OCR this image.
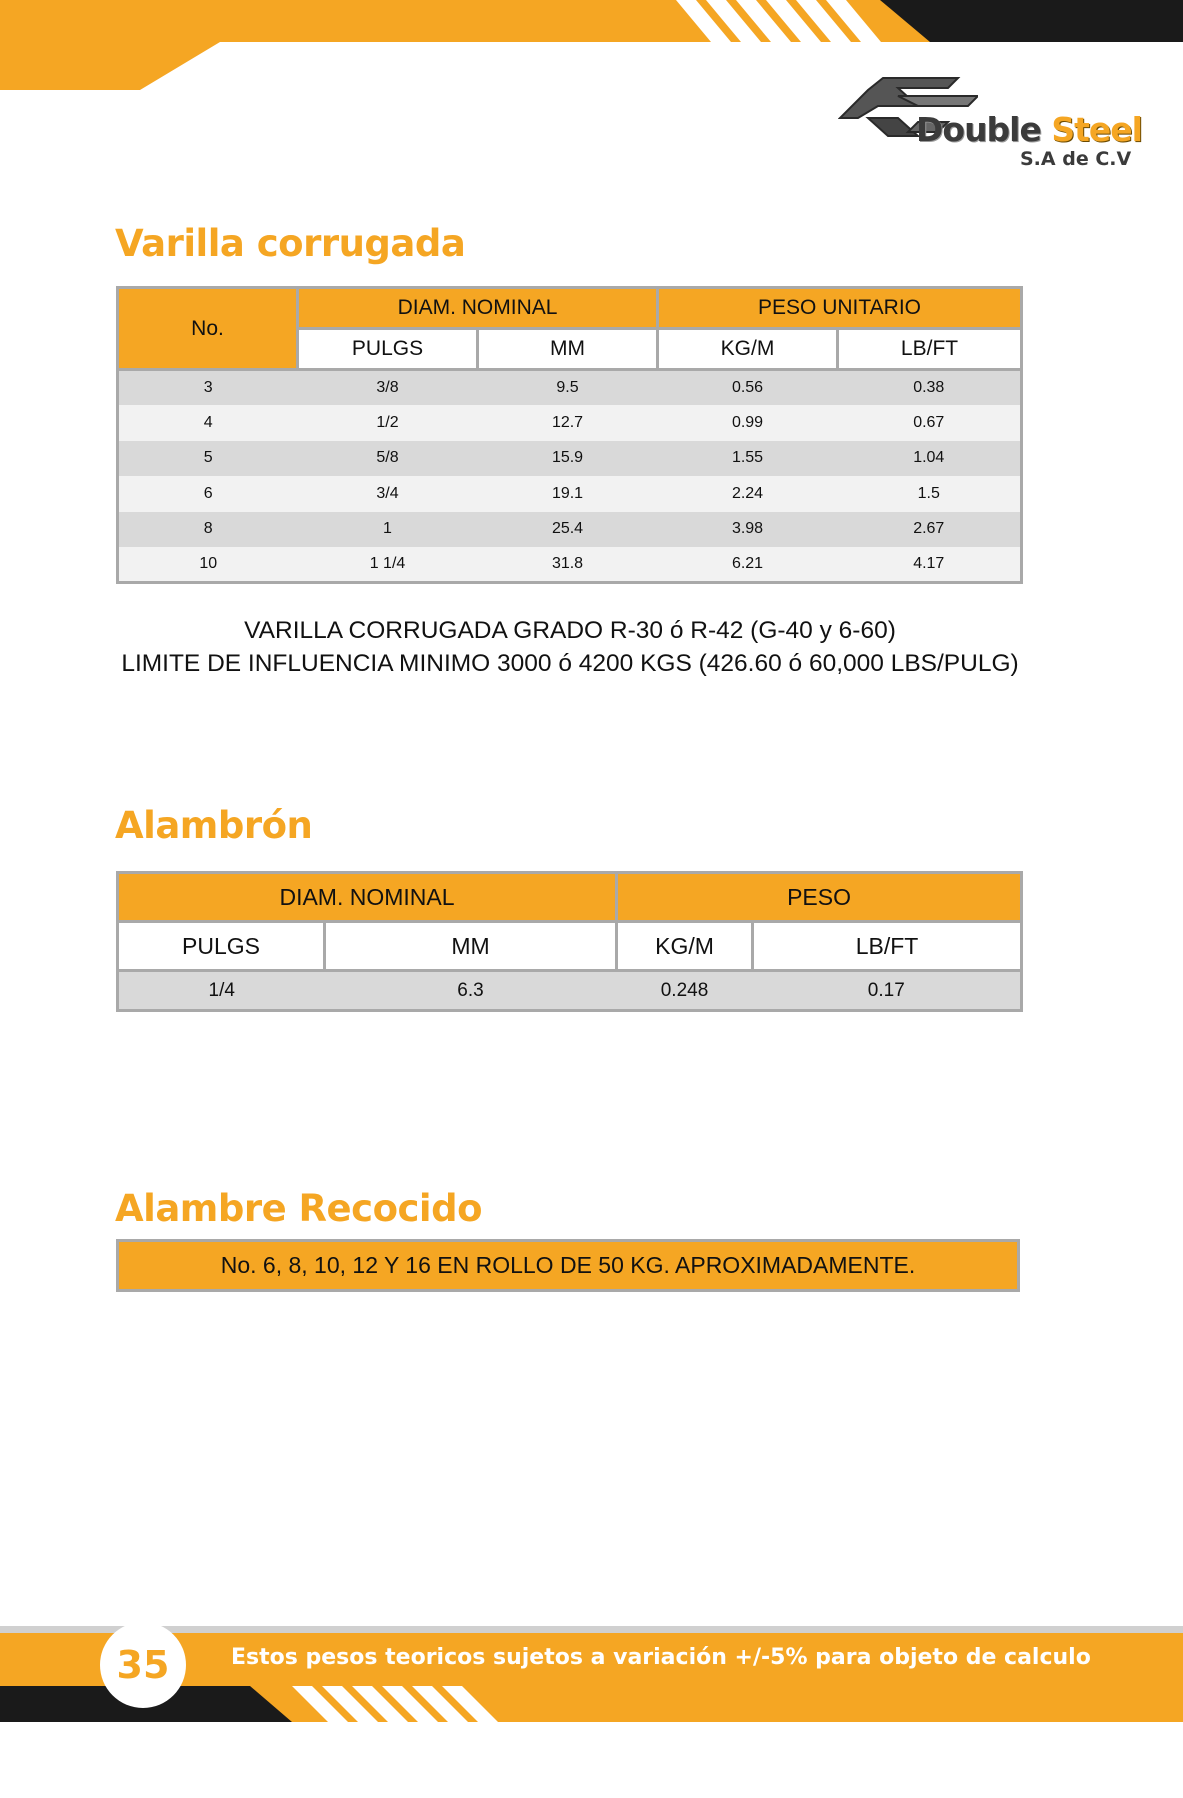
Double Steel
S.A de C.V
Varilla corrugada
No.	DIAM. NOMINAL		PESO UNITARIO	
	PULGS	MM	KG/M	LB/FT
3	3/8	9.5	0.56	0.38
4	1/2	12.7	0.99	0.67
5	5/8	15.9	1.55	1.04
6	3/4	19.1	2.24	1.5
8	1	25.4	3.98	2.67
10	1 1/4	31.8	6.21	4.17
VARILLA CORRUGADA GRADO R-30 ó R-42 (G-40 y 6-60)
LIMITE DE INFLUENCIA MINIMO 3000 ó 4200 KGS (426.60 ó 60,000 LBS/PULG)
Alambrón
DIAM. NOMINAL		PESO	
PULGS	MM	KG/M	LB/FT
1/4	6.3	0.248	0.17
Alambre Recocido
No. 6, 8, 10, 12 Y 16 EN ROLLO DE 50 KG. APROXIMADAMENTE.
35	Estos pesos teoricos sujetos a variación +/-5% para objeto de calculo
